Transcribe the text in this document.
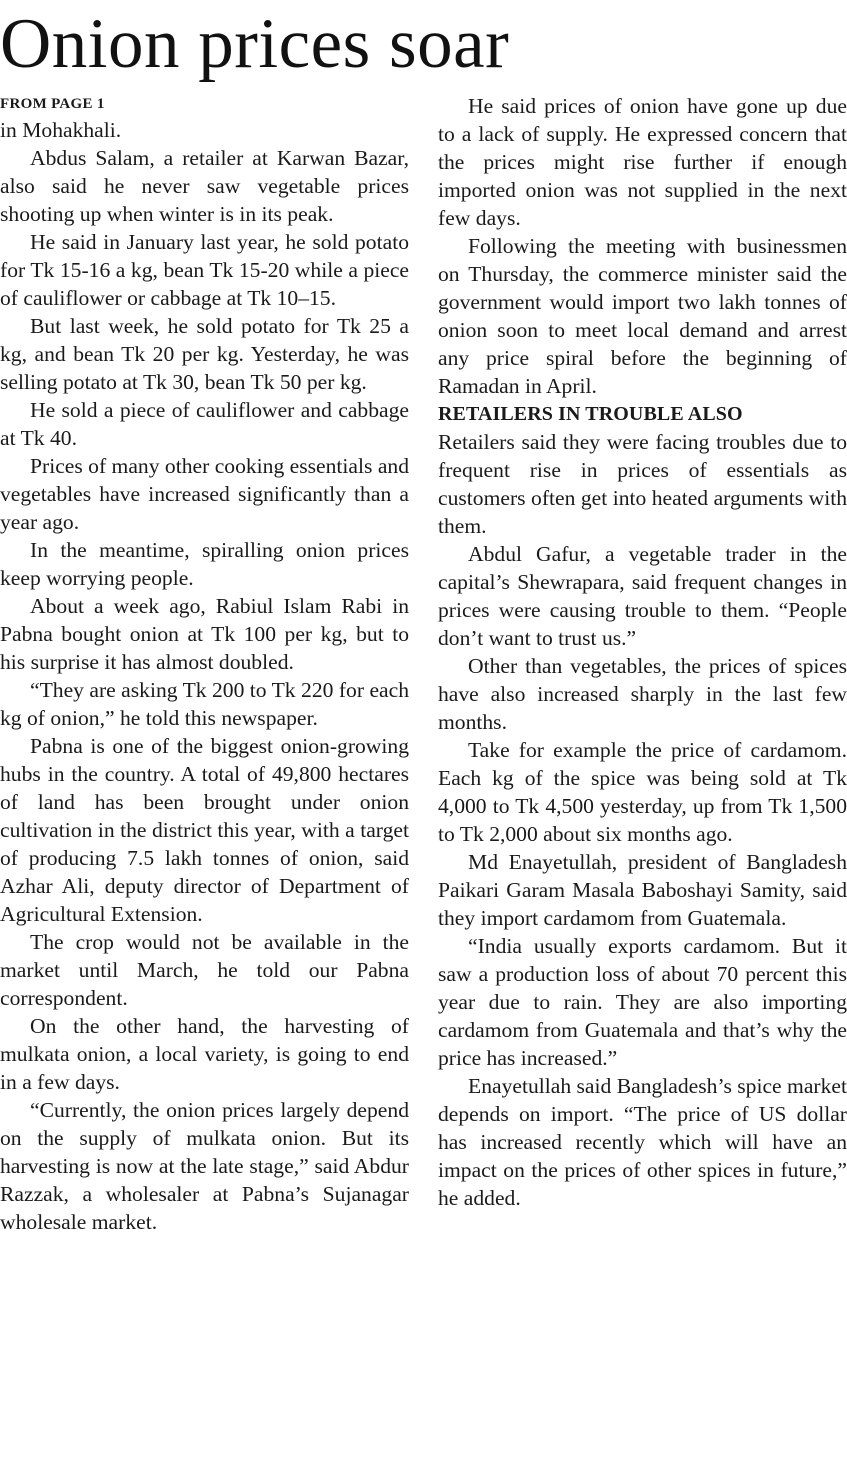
Onion prices soar

FROM PAGE 1

in Mohakhali.

Abdus Salam, a retailer at Karwan Bazar, also said he never saw vegetable prices shooting up when winter is in its peak.

He said in January last year, he sold potato for Tk 15-16 a kg, bean Tk 15-20 while a piece of cauliflower or cabbage at Tk 10–15.

But last week, he sold potato for Tk 25 a kg, and bean Tk 20 per kg. Yesterday, he was selling potato at Tk 30, bean Tk 50 per kg.

He sold a piece of cauliflower and cabbage at Tk 40.

Prices of many other cooking essentials and vegetables have increased significantly than a year ago.

In the meantime, spiralling onion prices keep worrying people.

About a week ago, Rabiul Islam Rabi in Pabna bought onion at Tk 100 per kg, but to his surprise it has almost doubled.

“They are asking Tk 200 to Tk 220 for each kg of onion,” he told this newspaper.

Pabna is one of the biggest onion-growing hubs in the country. A total of 49,800 hectares of land has been brought under onion cultivation in the district this year, with a target of producing 7.5 lakh tonnes of onion, said Azhar Ali, deputy director of Department of Agricultural Extension.

The crop would not be available in the market until March, he told our Pabna correspondent.

On the other hand, the harvesting of mulkata onion, a local variety, is going to end in a few days.

“Currently, the onion prices largely depend on the supply of mulkata onion. But its harvesting is now at the late stage,” said Abdur Razzak, a wholesaler at Pabna’s Sujanagar wholesale market.

He said prices of onion have gone up due to a lack of supply. He expressed concern that the prices might rise further if enough imported onion was not supplied in the next few days.

Following the meeting with businessmen on Thursday, the commerce minister said the government would import two lakh tonnes of onion soon to meet local demand and arrest any price spiral before the beginning of Ramadan in April.

RETAILERS IN TROUBLE ALSO

Retailers said they were facing troubles due to frequent rise in prices of essentials as customers often get into heated arguments with them.

Abdul Gafur, a vegetable trader in the capital’s Shewrapara, said frequent changes in prices were causing trouble to them. “People don’t want to trust us.”

Other than vegetables, the prices of spices have also increased sharply in the last few months.

Take for example the price of cardamom. Each kg of the spice was being sold at Tk 4,000 to Tk 4,500 yesterday, up from Tk 1,500 to Tk 2,000 about six months ago.

Md Enayetullah, president of Bangladesh Paikari Garam Masala Baboshayi Samity, said they import cardamom from Guatemala.

“India usually exports cardamom. But it saw a production loss of about 70 percent this year due to rain. They are also importing cardamom from Guatemala and that’s why the price has increased.”

Enayetullah said Bangladesh’s spice market depends on import. “The price of US dollar has increased recently which will have an impact on the prices of other spices in future,” he added.
